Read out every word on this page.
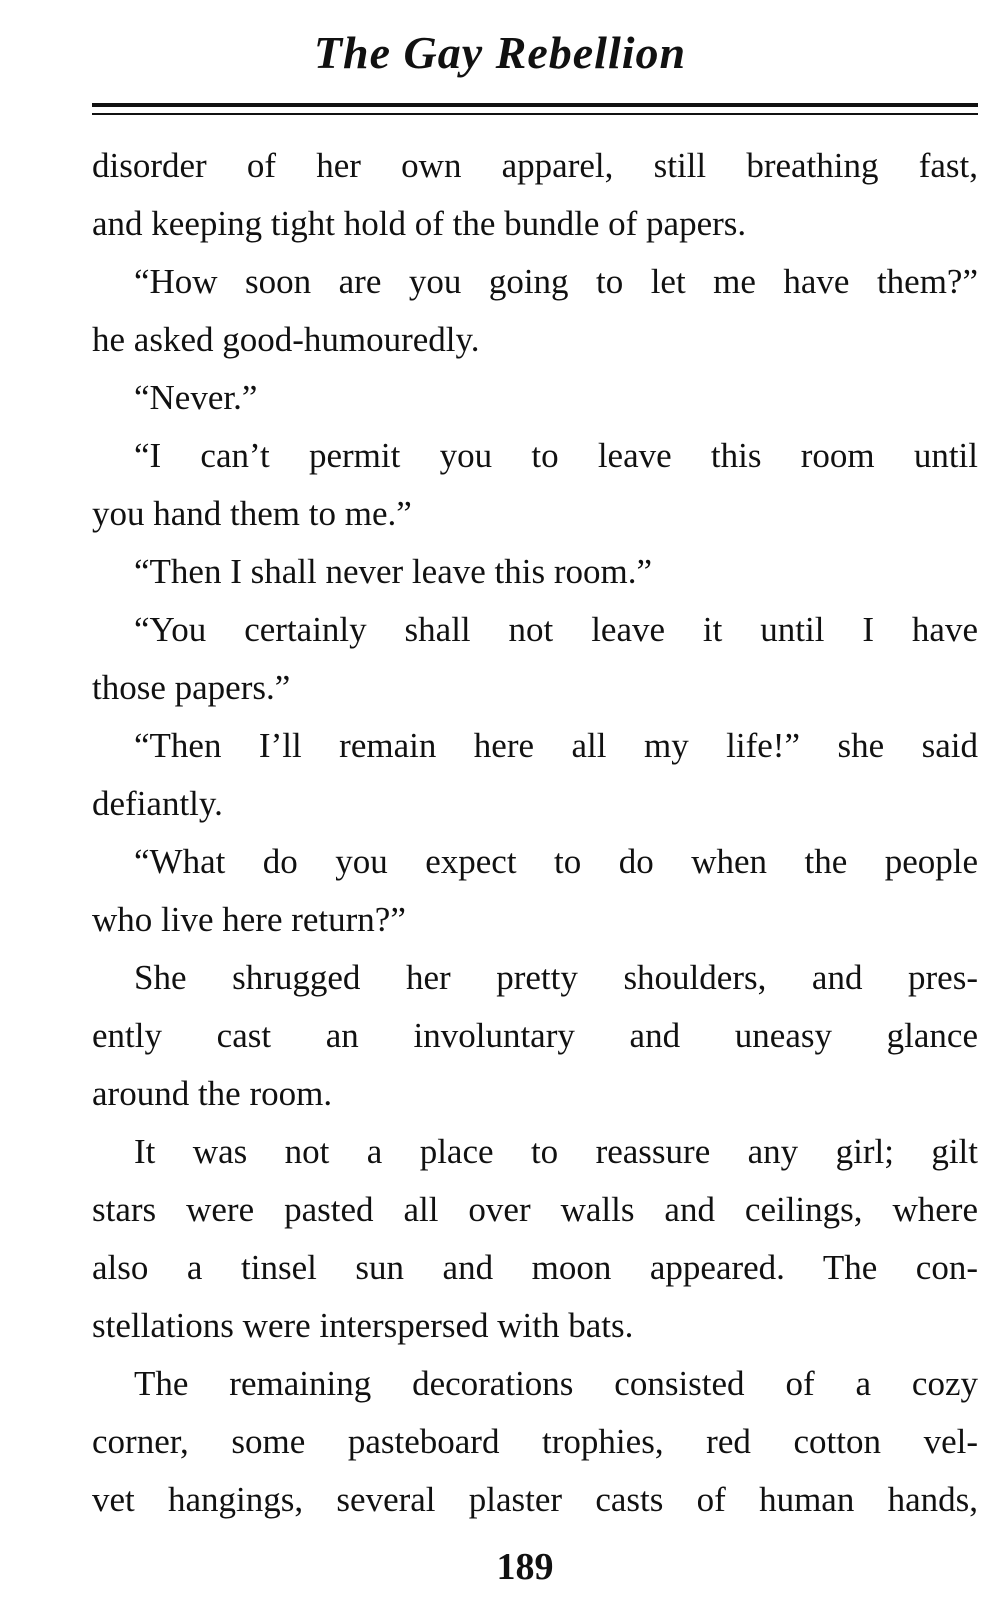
The Gay Rebellion
disorder of her own apparel, still breathing fast,
and keeping tight hold of the bundle of papers.
“How soon are you going to let me have them?”
he asked good-humouredly.
“Never.”
“I can’t permit you to leave this room until
you hand them to me.”
“Then I shall never leave this room.”
“You certainly shall not leave it until I have
those papers.”
“Then I’ll remain here all my life!” she said
defiantly.
“What do you expect to do when the people
who live here return?”
She shrugged her pretty shoulders, and pres-
ently cast an involuntary and uneasy glance
around the room.
It was not a place to reassure any girl; gilt
stars were pasted all over walls and ceilings, where
also a tinsel sun and moon appeared. The con-
stellations were interspersed with bats.
The remaining decorations consisted of a cozy
corner, some pasteboard trophies, red cotton vel-
vet hangings, several plaster casts of human hands,
189
